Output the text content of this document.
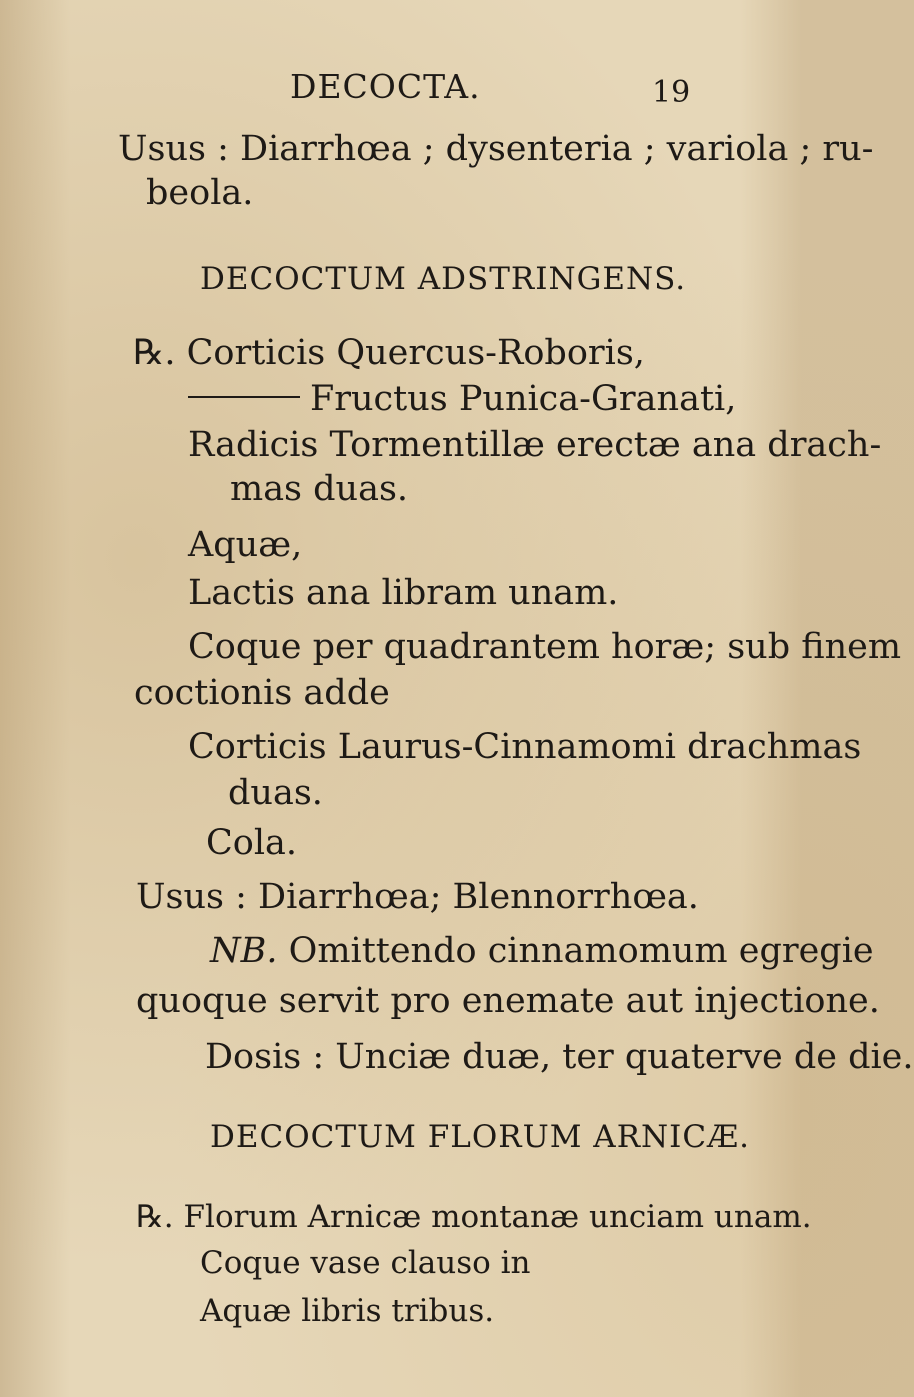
DECOCTA.	19
Usus : Diarrhœa ; dysenteria ; variola ; ru-
beola.
DECOCTUM ADSTRINGENS.
℞. Corticis Quercus-Roboris,
Fructus Punica-Granati,
Radicis Tormentillæ erectæ ana drach-
mas duas.
Aquæ,
Lactis ana libram unam.
Coque per quadrantem horæ; sub finem
coctionis adde
Corticis Laurus-Cinnamomi drachmas
duas.
Cola.
Usus : Diarrhœa; Blennorrhœa.
NB. Omittendo cinnamomum egregie
quoque servit pro enemate aut injectione.
Dosis : Unciæ duæ, ter quaterve de die.
DECOCTUM FLORUM ARNICÆ.
℞. Florum Arnicæ montanæ unciam unam.
Coque vase clauso in
Aquæ libris tribus.
